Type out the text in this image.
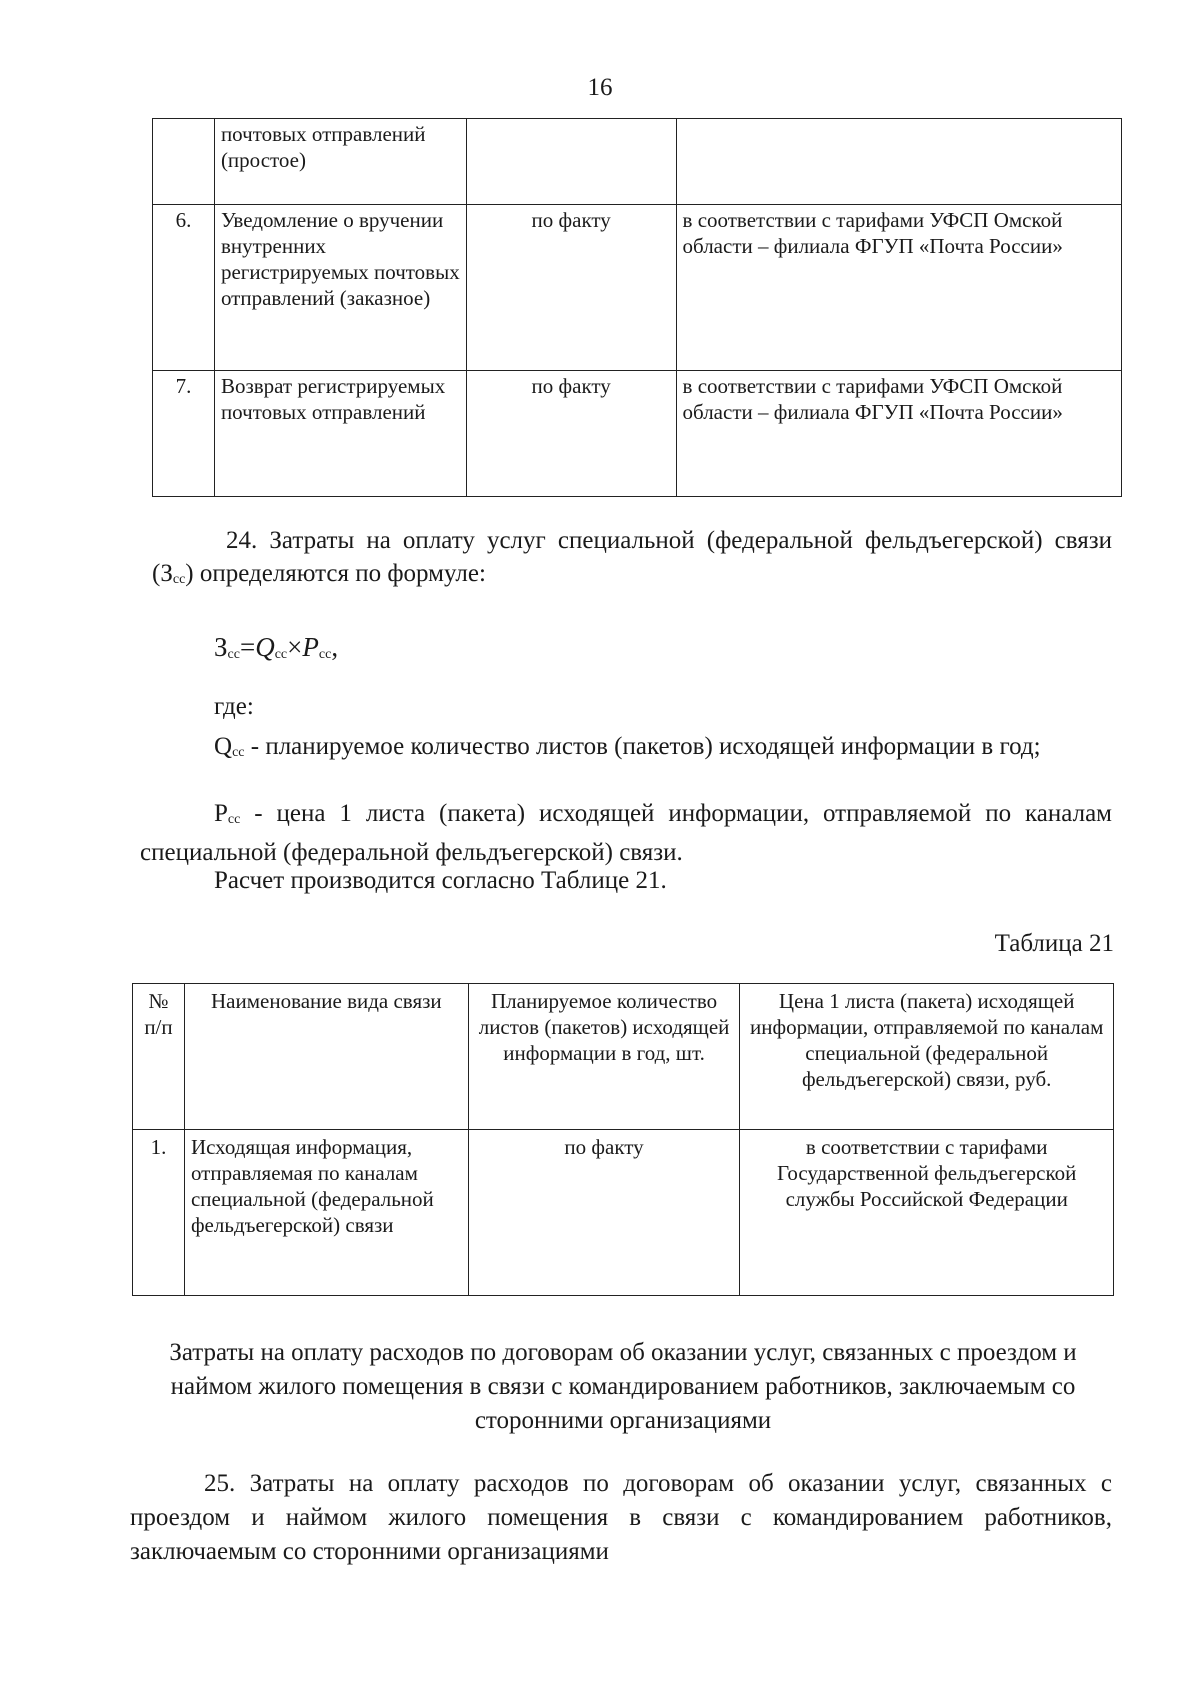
16
	почтовых отправлений (простое)		
6.	Уведомление о вручении внутренних регистрируемых почтовых отправлений (заказное)	по факту	в соответствии с тарифами УФСП Омской области – филиала ФГУП «Почта России»
7.	Возврат регистрируемых почтовых отправлений	по факту	в соответствии с тарифами УФСП Омской области – филиала ФГУП «Почта России»
24. Затраты на оплату услуг специальной (федеральной фельдъегерской) связи $(З_{сс})$ определяются по формуле:
$З_{сс}=Q_{сс}\times P_{сс}$,
где:
$Q_{сс}$ - планируемое количество листов (пакетов) исходящей информации в год;
$P_{сс}$ - цена 1 листа (пакета) исходящей информации, отправляемой по каналам специальной (федеральной фельдъегерской) связи.
Расчет производится согласно Таблице 21.
Таблица 21
№ п/п	Наименование вида связи	Планируемое количество листов (пакетов) исходящей информации в год, шт.	Цена 1 листа (пакета) исходящей информации, отправляемой по каналам специальной (федеральной фельдъегерской) связи, руб.
1.	Исходящая информация, отправляемая по каналам специальной (федеральной фельдъегерской) связи	по факту	в соответствии с тарифами Государственной фельдъегерской службы Российской Федерации
Затраты на оплату расходов по договорам об оказании услуг, связанных с проездом и наймом жилого помещения в связи с командированием работников, заключаемым со сторонними организациями
25. Затраты на оплату расходов по договорам об оказании услуг, связанных с проездом и наймом жилого помещения в связи с командированием работников, заключаемым со сторонними организациями
